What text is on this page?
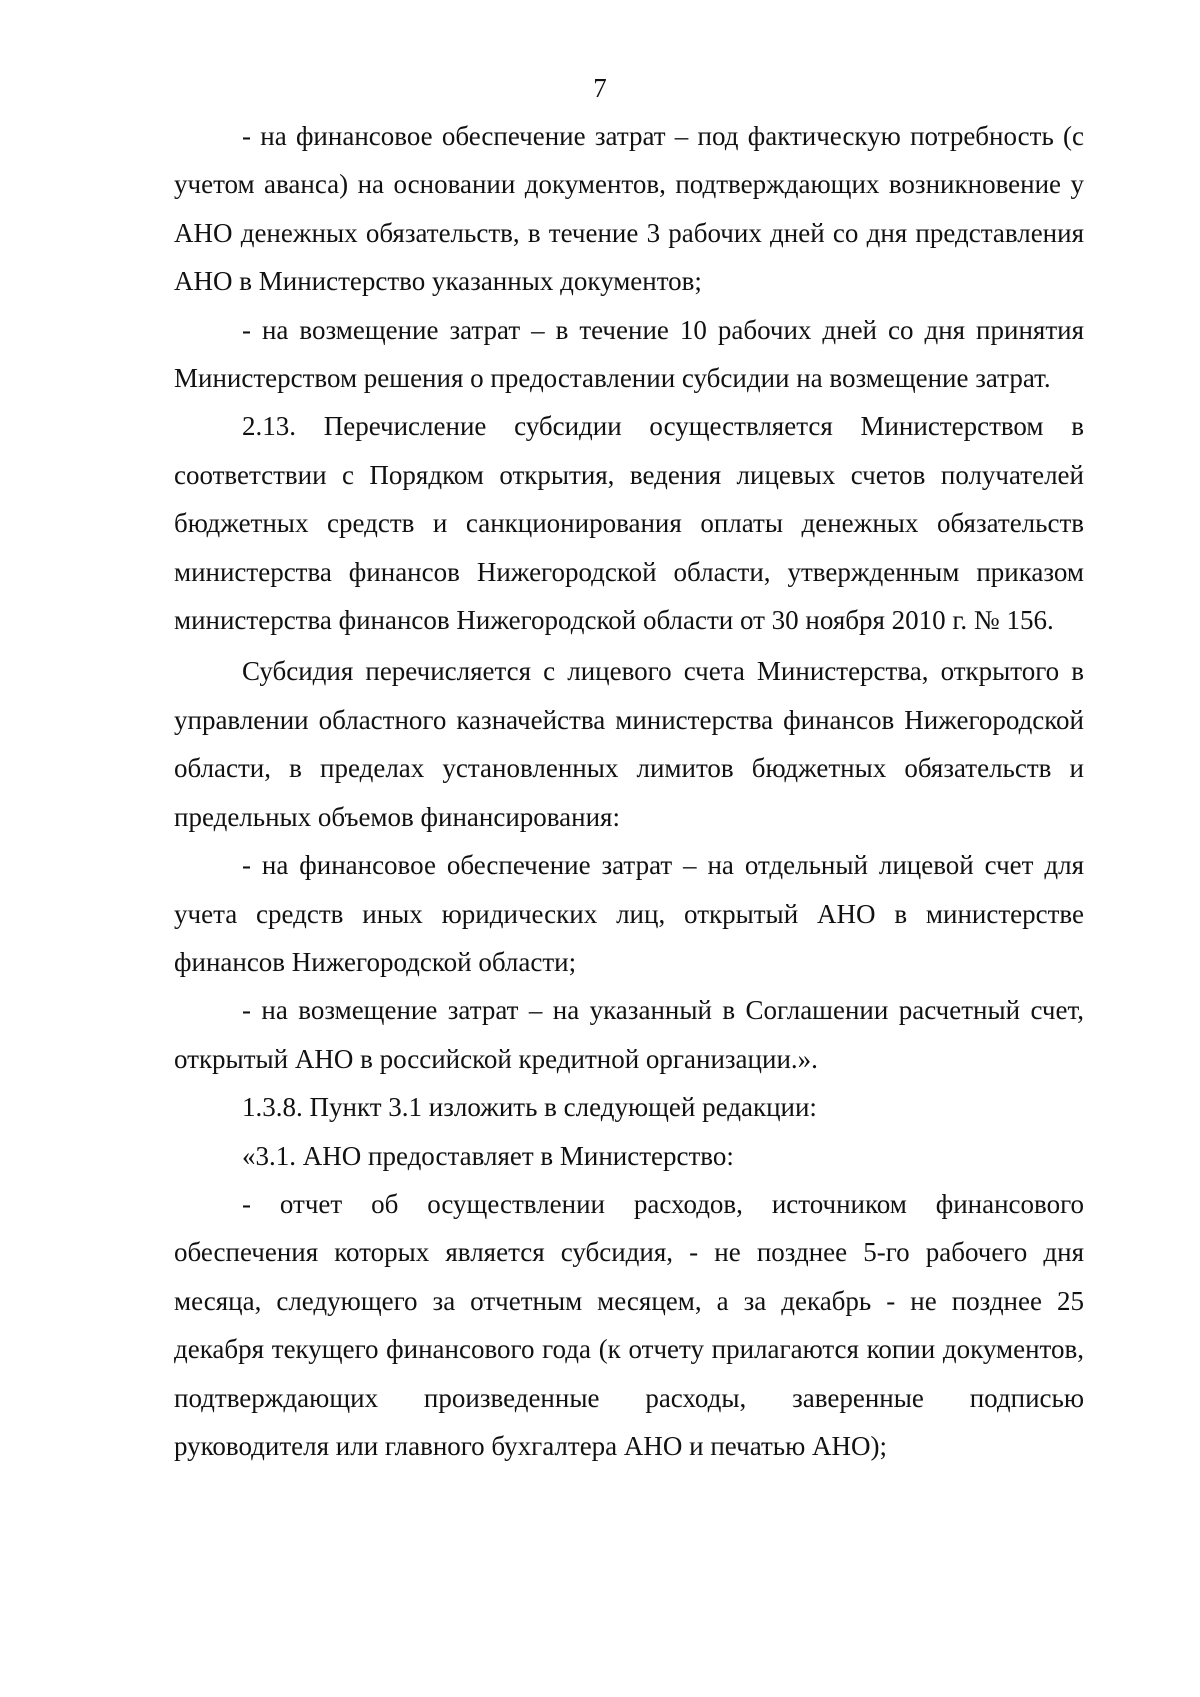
7

- на финансовое обеспечение затрат – под фактическую потребность (с учетом аванса) на основании документов, подтверждающих возникновение у АНО денежных обязательств, в течение 3 рабочих дней со дня представления АНО в Министерство указанных документов;

- на возмещение затрат – в течение 10 рабочих дней со дня принятия Министерством решения о предоставлении субсидии на возмещение затрат.

2.13. Перечисление субсидии осуществляется Министерством в соответствии с Порядком открытия, ведения лицевых счетов получателей бюджетных средств и санкционирования оплаты денежных обязательств министерства финансов Нижегородской области, утвержденным приказом министерства финансов Нижегородской области от 30 ноября 2010 г. № 156.

Субсидия перечисляется с лицевого счета Министерства, открытого в управлении областного казначейства министерства финансов Нижегородской области, в пределах установленных лимитов бюджетных обязательств и предельных объемов финансирования:

- на финансовое обеспечение затрат – на отдельный лицевой счет для учета средств иных юридических лиц, открытый АНО в министерстве финансов Нижегородской области;

- на возмещение затрат – на указанный в Соглашении расчетный счет, открытый АНО в российской кредитной организации.».

1.3.8. Пункт 3.1 изложить в следующей редакции:

«3.1. АНО предоставляет в Министерство:

- отчет об осуществлении расходов, источником финансового обеспечения которых является субсидия, - не позднее 5-го рабочего дня месяца, следующего за отчетным месяцем, а за декабрь - не позднее 25 декабря текущего финансового года (к отчету прилагаются копии документов, подтверждающих произведенные расходы, заверенные подписью руководителя или главного бухгалтера АНО и печатью АНО);
